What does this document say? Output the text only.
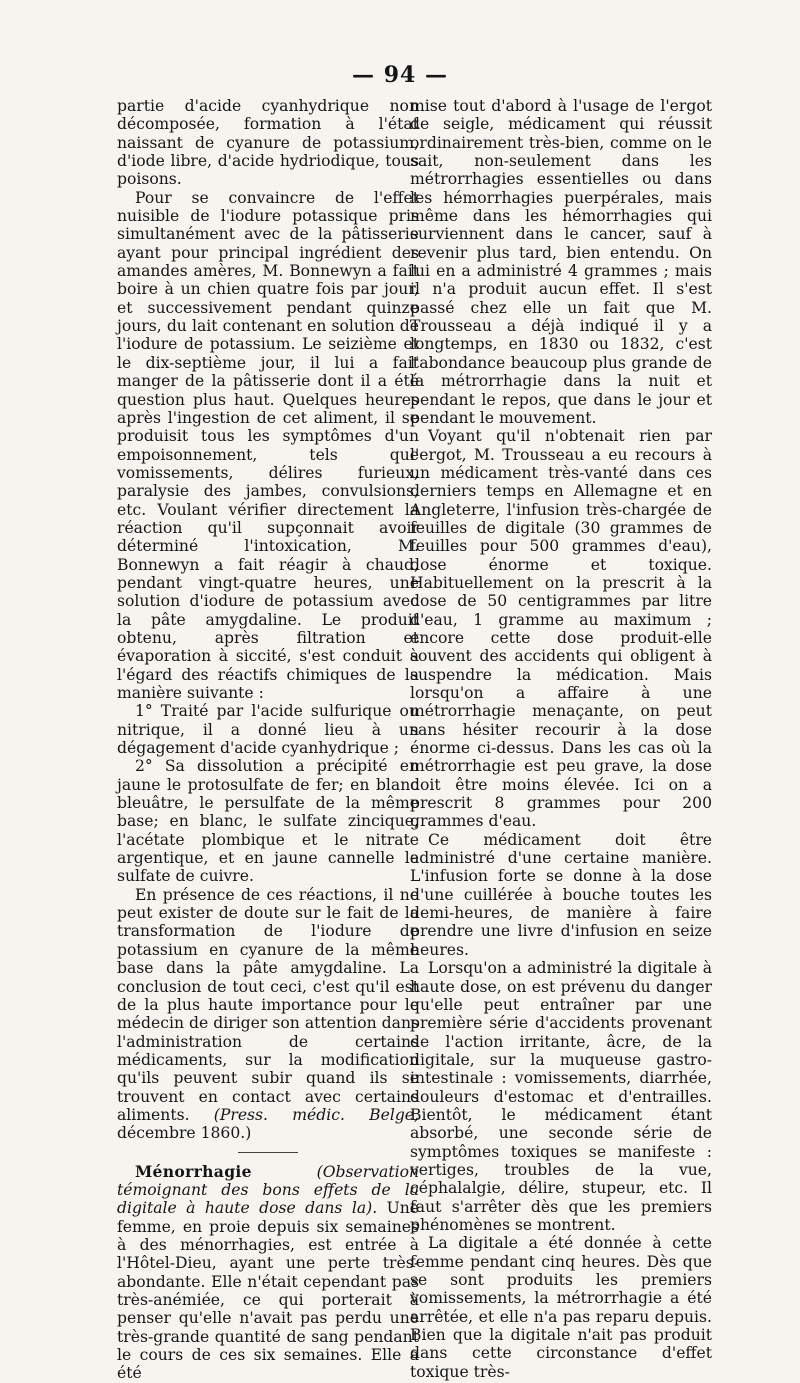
— 94 —

partie d'acide cyanhydrique non décomposée, formation à l'état naissant de cyanure de potassium, d'iode libre, d'acide hydriodique, tous poisons.

Pour se convaincre de l'effet nuisible de l'iodure potassique pris simultanément avec de la pâtisserie ayant pour principal ingrédient des amandes amères, M. Bonnewyn a fait boire à un chien quatre fois par jour, et successivement pendant quinze jours, du lait contenant en solution de l'iodure de potassium. Le seizième et le dix-septième jour, il lui a fait manger de la pâtisserie dont il a été question plus haut. Quelques heures après l'ingestion de cet aliment, il se produisit tous les symptômes d'un empoisonnement, tels que vomissements, délires furieux, paralysie des jambes, convulsions, etc. Voulant vérifier directement la réaction qu'il supçonnait avoir déterminé l'intoxication, M. Bonnewyn a fait réagir à chaud, pendant vingt-quatre heures, une solution d'iodure de potassium avec la pâte amygdaline. Le produit obtenu, après filtration et évaporation à siccité, s'est conduit à l'égard des réactifs chimiques de la manière suivante :

1° Traité par l'acide sulfurique ou nitrique, il a donné lieu à un dégagement d'acide cyanhydrique ;

2° Sa dissolution a précipité en jaune le protosulfate de fer; en blanc bleuâtre, le persulfate de la même base; en blanc, le sulfate zincique, l'acétate plombique et le nitrate argentique, et en jaune cannelle le sulfate de cuivre.

En présence de ces réactions, il ne peut exister de doute sur le fait de la transformation de l'iodure de potassium en cyanure de la même base dans la pâte amygdaline. La conclusion de tout ceci, c'est qu'il est de la plus haute importance pour le médecin de diriger son attention dans l'administration de certains médicaments, sur la modification qu'ils peuvent subir quand ils se trouvent en contact avec certains aliments. (Press. médic. Belge, décembre 1860.)

Ménorrhagie	(Observation témoignant des bons effets de la digitale à haute dose dans la). Une femme, en proie depuis six semaines à des ménorrhagies, est entrée à l'Hôtel-Dieu, ayant une perte très-abondante. Elle n'était cependant pas très-anémiée, ce qui porterait à penser qu'elle n'avait pas perdu une très-grande quantité de sang pendant le cours de ces six semaines. Elle a été

mise tout d'abord à l'usage de l'ergot de seigle, médicament qui réussit ordinairement très-bien, comme on le sait, non-seulement dans les métrorrhagies essentielles ou dans les hémorrhagies puerpérales, mais même dans les hémorrhagies qui surviennent dans le cancer, sauf à revenir plus tard, bien entendu. On lui en a administré 4 grammes ; mais il n'a produit aucun effet. Il s'est passé chez elle un fait que M. Trousseau a déjà indiqué il y a longtemps, en 1830 ou 1832, c'est l'abondance beaucoup plus grande de la métrorrhagie dans la nuit et pendant le repos, que dans le jour et pendant le mouvement.

Voyant qu'il n'obtenait rien par l'ergot, M. Trousseau a eu recours à un médicament très-vanté dans ces derniers temps en Allemagne et en Angleterre, l'infusion très-chargée de feuilles de digitale (30 grammes de feuilles pour 500 grammes d'eau), dose énorme et toxique. Habituellement on la prescrit à la dose de 50 centigrammes par litre d'eau, 1 gramme au maximum ; encore cette dose produit-elle souvent des accidents qui obligent à suspendre la médication. Mais lorsqu'on a affaire à une métrorrhagie menaçante, on peut sans hésiter recourir à la dose énorme ci-dessus. Dans les cas où la métrorrhagie est peu grave, la dose doit être moins élevée. Ici on a prescrit 8 grammes pour 200 grammes d'eau.

Ce médicament doit être administré d'une certaine manière. L'infusion forte se donne à la dose d'une cuillérée à bouche toutes les demi-heures, de manière à faire prendre une livre d'infusion en seize heures.

Lorsqu'on a administré la digitale à haute dose, on est prévenu du danger qu'elle peut entraîner par une première série d'accidents provenant de l'action irritante, âcre, de la digitale, sur la muqueuse gastro-intestinale : vomissements, diarrhée, douleurs d'estomac et d'entrailles. Bientôt, le médicament étant absorbé, une seconde série de symptômes toxiques se manifeste : vertiges, troubles de la vue, céphalalgie, délire, stupeur, etc. Il faut s'arrêter dès que les premiers phénomènes se montrent.

La digitale a été donnée à cette femme pendant cinq heures. Dès que se sont produits les premiers vomissements, la métrorrhagie a été arrêtée, et elle n'a pas reparu depuis. Bien que la digitale n'ait pas produit dans cette circonstance d'effet toxique très-
